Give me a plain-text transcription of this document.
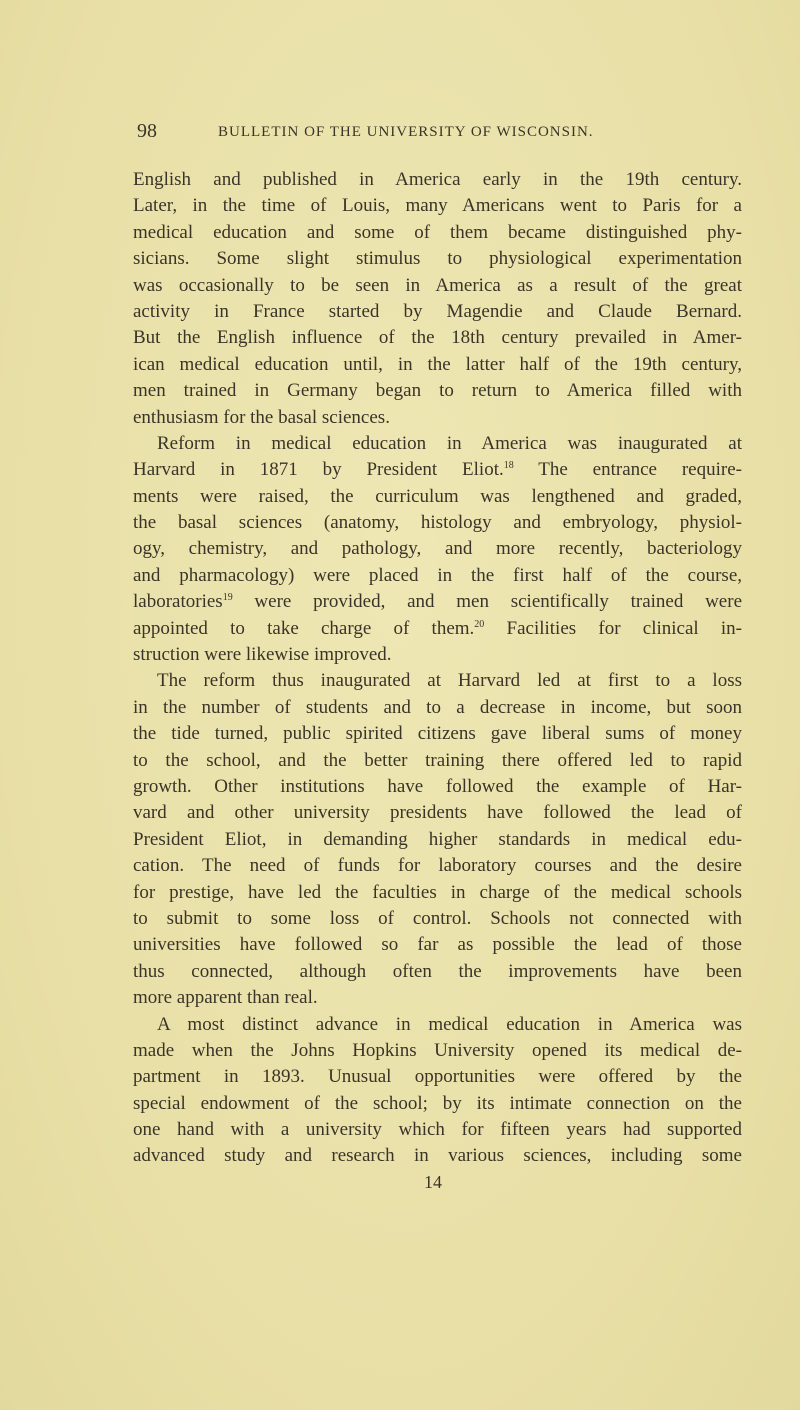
98	BULLETIN OF THE UNIVERSITY OF WISCONSIN.
English and published in America early in the 19th century.
Later, in the time of Louis, many Americans went to Paris for a
medical education and some of them became distinguished phy-
sicians. Some slight stimulus to physiological experimentation
was occasionally to be seen in America as a result of the great
activity in France started by Magendie and Claude Bernard.
But the English influence of the 18th century prevailed in Amer-
ican medical education until, in the latter half of the 19th century,
men trained in Germany began to return to America filled with
enthusiasm for the basal sciences.
Reform in medical education in America was inaugurated at
Harvard in 1871 by President Eliot.$^{18}$ The entrance require-
ments were raised, the curriculum was lengthened and graded,
the basal sciences (anatomy, histology and embryology, physiol-
ogy, chemistry, and pathology, and more recently, bacteriology
and pharmacology) were placed in the first half of the course,
laboratories$^{19}$ were provided, and men scientifically trained were
appointed to take charge of them.$^{20}$ Facilities for clinical in-
struction were likewise improved.
The reform thus inaugurated at Harvard led at first to a loss
in the number of students and to a decrease in income, but soon
the tide turned, public spirited citizens gave liberal sums of money
to the school, and the better training there offered led to rapid
growth. Other institutions have followed the example of Har-
vard and other university presidents have followed the lead of
President Eliot, in demanding higher standards in medical edu-
cation. The need of funds for laboratory courses and the desire
for prestige, have led the faculties in charge of the medical schools
to submit to some loss of control. Schools not connected with
universities have followed so far as possible the lead of those
thus connected, although often the improvements have been
more apparent than real.
A most distinct advance in medical education in America was
made when the Johns Hopkins University opened its medical de-
partment in 1893. Unusual opportunities were offered by the
special endowment of the school; by its intimate connection on the
one hand with a university which for fifteen years had supported
advanced study and research in various sciences, including some
14
